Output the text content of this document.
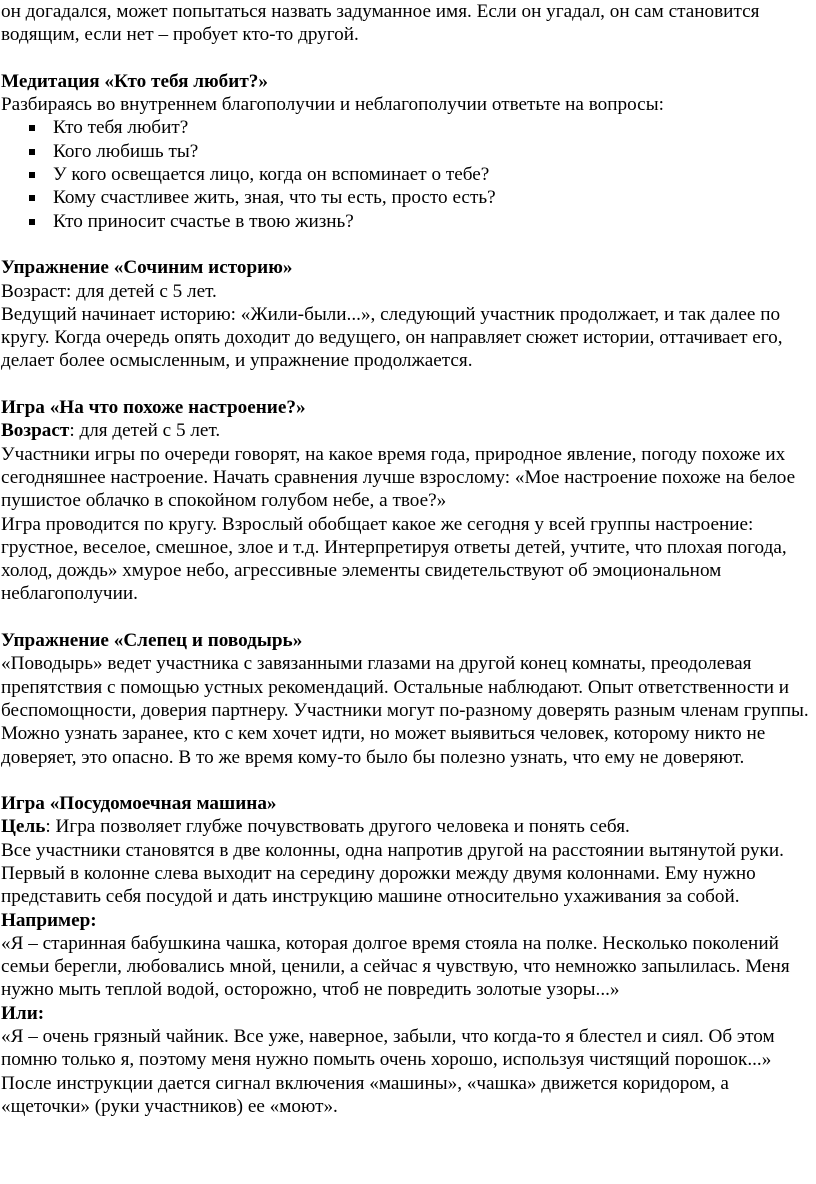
он догадался, может попытаться назвать задуманное имя. Если он угадал, он сам становится водящим, если нет – пробует кто-то другой.

Медитация «Кто тебя любит?»

Разбираясь во внутреннем благополучии и неблагополучии ответьте на вопросы:

Кто тебя любит?
Кого любишь ты?
У кого освещается лицо, когда он вспоминает о тебе?
Кому счастливее жить, зная, что ты есть, просто есть?
Кто приносит счастье в твою жизнь?

Упражнение «Сочиним историю»

Возраст: для детей с 5 лет.

Ведущий начинает историю: «Жили-были...», следующий участник продолжает, и так далее по кругу. Когда очередь опять доходит до ведущего, он направляет сюжет истории, оттачивает его, делает более осмысленным, и упражнение продолжается.

Игра «На что похоже настроение?»

Возраст: для детей с 5 лет.

Участники игры по очереди говорят, на какое время года, природное явление, погоду похоже их сегодняшнее настроение. Начать сравнения лучше взрослому: «Мое настроение похоже на белое пушистое облачко в спокойном голубом небе, а твое?»

Игра проводится по кругу. Взрослый обобщает какое же сегодня у всей группы настроение: грустное, веселое, смешное, злое и т.д. Интерпретируя ответы детей, учтите, что плохая погода, холод, дождь» хмурое небо, агрессивные элементы свидетельствуют об эмоциональном неблагополучии.

Упражнение «Слепец и поводырь»

«Поводырь» ведет участника с завязанными глазами на другой конец комнаты, преодолевая препятствия с помощью устных рекомендаций. Остальные наблюдают. Опыт ответственности и беспомощности, доверия партнеру. Участники могут по-разному доверять разным членам группы. Можно узнать заранее, кто с кем хочет идти, но может выявиться человек, которому никто не доверяет, это опасно. В то же время кому-то было бы полезно узнать, что ему не доверяют.

Игра «Посудомоечная машина»

Цель: Игра позволяет глубже почувствовать другого человека и понять себя.

Все участники становятся в две колонны, одна напротив другой на расстоянии вытянутой руки. Первый в колонне слева выходит на середину дорожки между двумя колоннами. Ему нужно представить себя посудой и дать инструкцию машине относительно ухаживания за собой.

Например:

«Я – старинная бабушкина чашка, которая долгое время стояла на полке. Несколько поколений семьи берегли, любовались мной, ценили, а сейчас я чувствую, что немножко запылилась. Меня нужно мыть теплой водой, осторожно, чтоб не повредить золотые узоры...»

Или:

«Я – очень грязный чайник. Все уже, наверное, забыли, что когда-то я блестел и сиял. Об этом помню только я, поэтому меня нужно помыть очень хорошо, используя чистящий порошок...»

После инструкции дается сигнал включения «машины», «чашка» движется коридором, а «щеточки» (руки участников) ее «моют».
